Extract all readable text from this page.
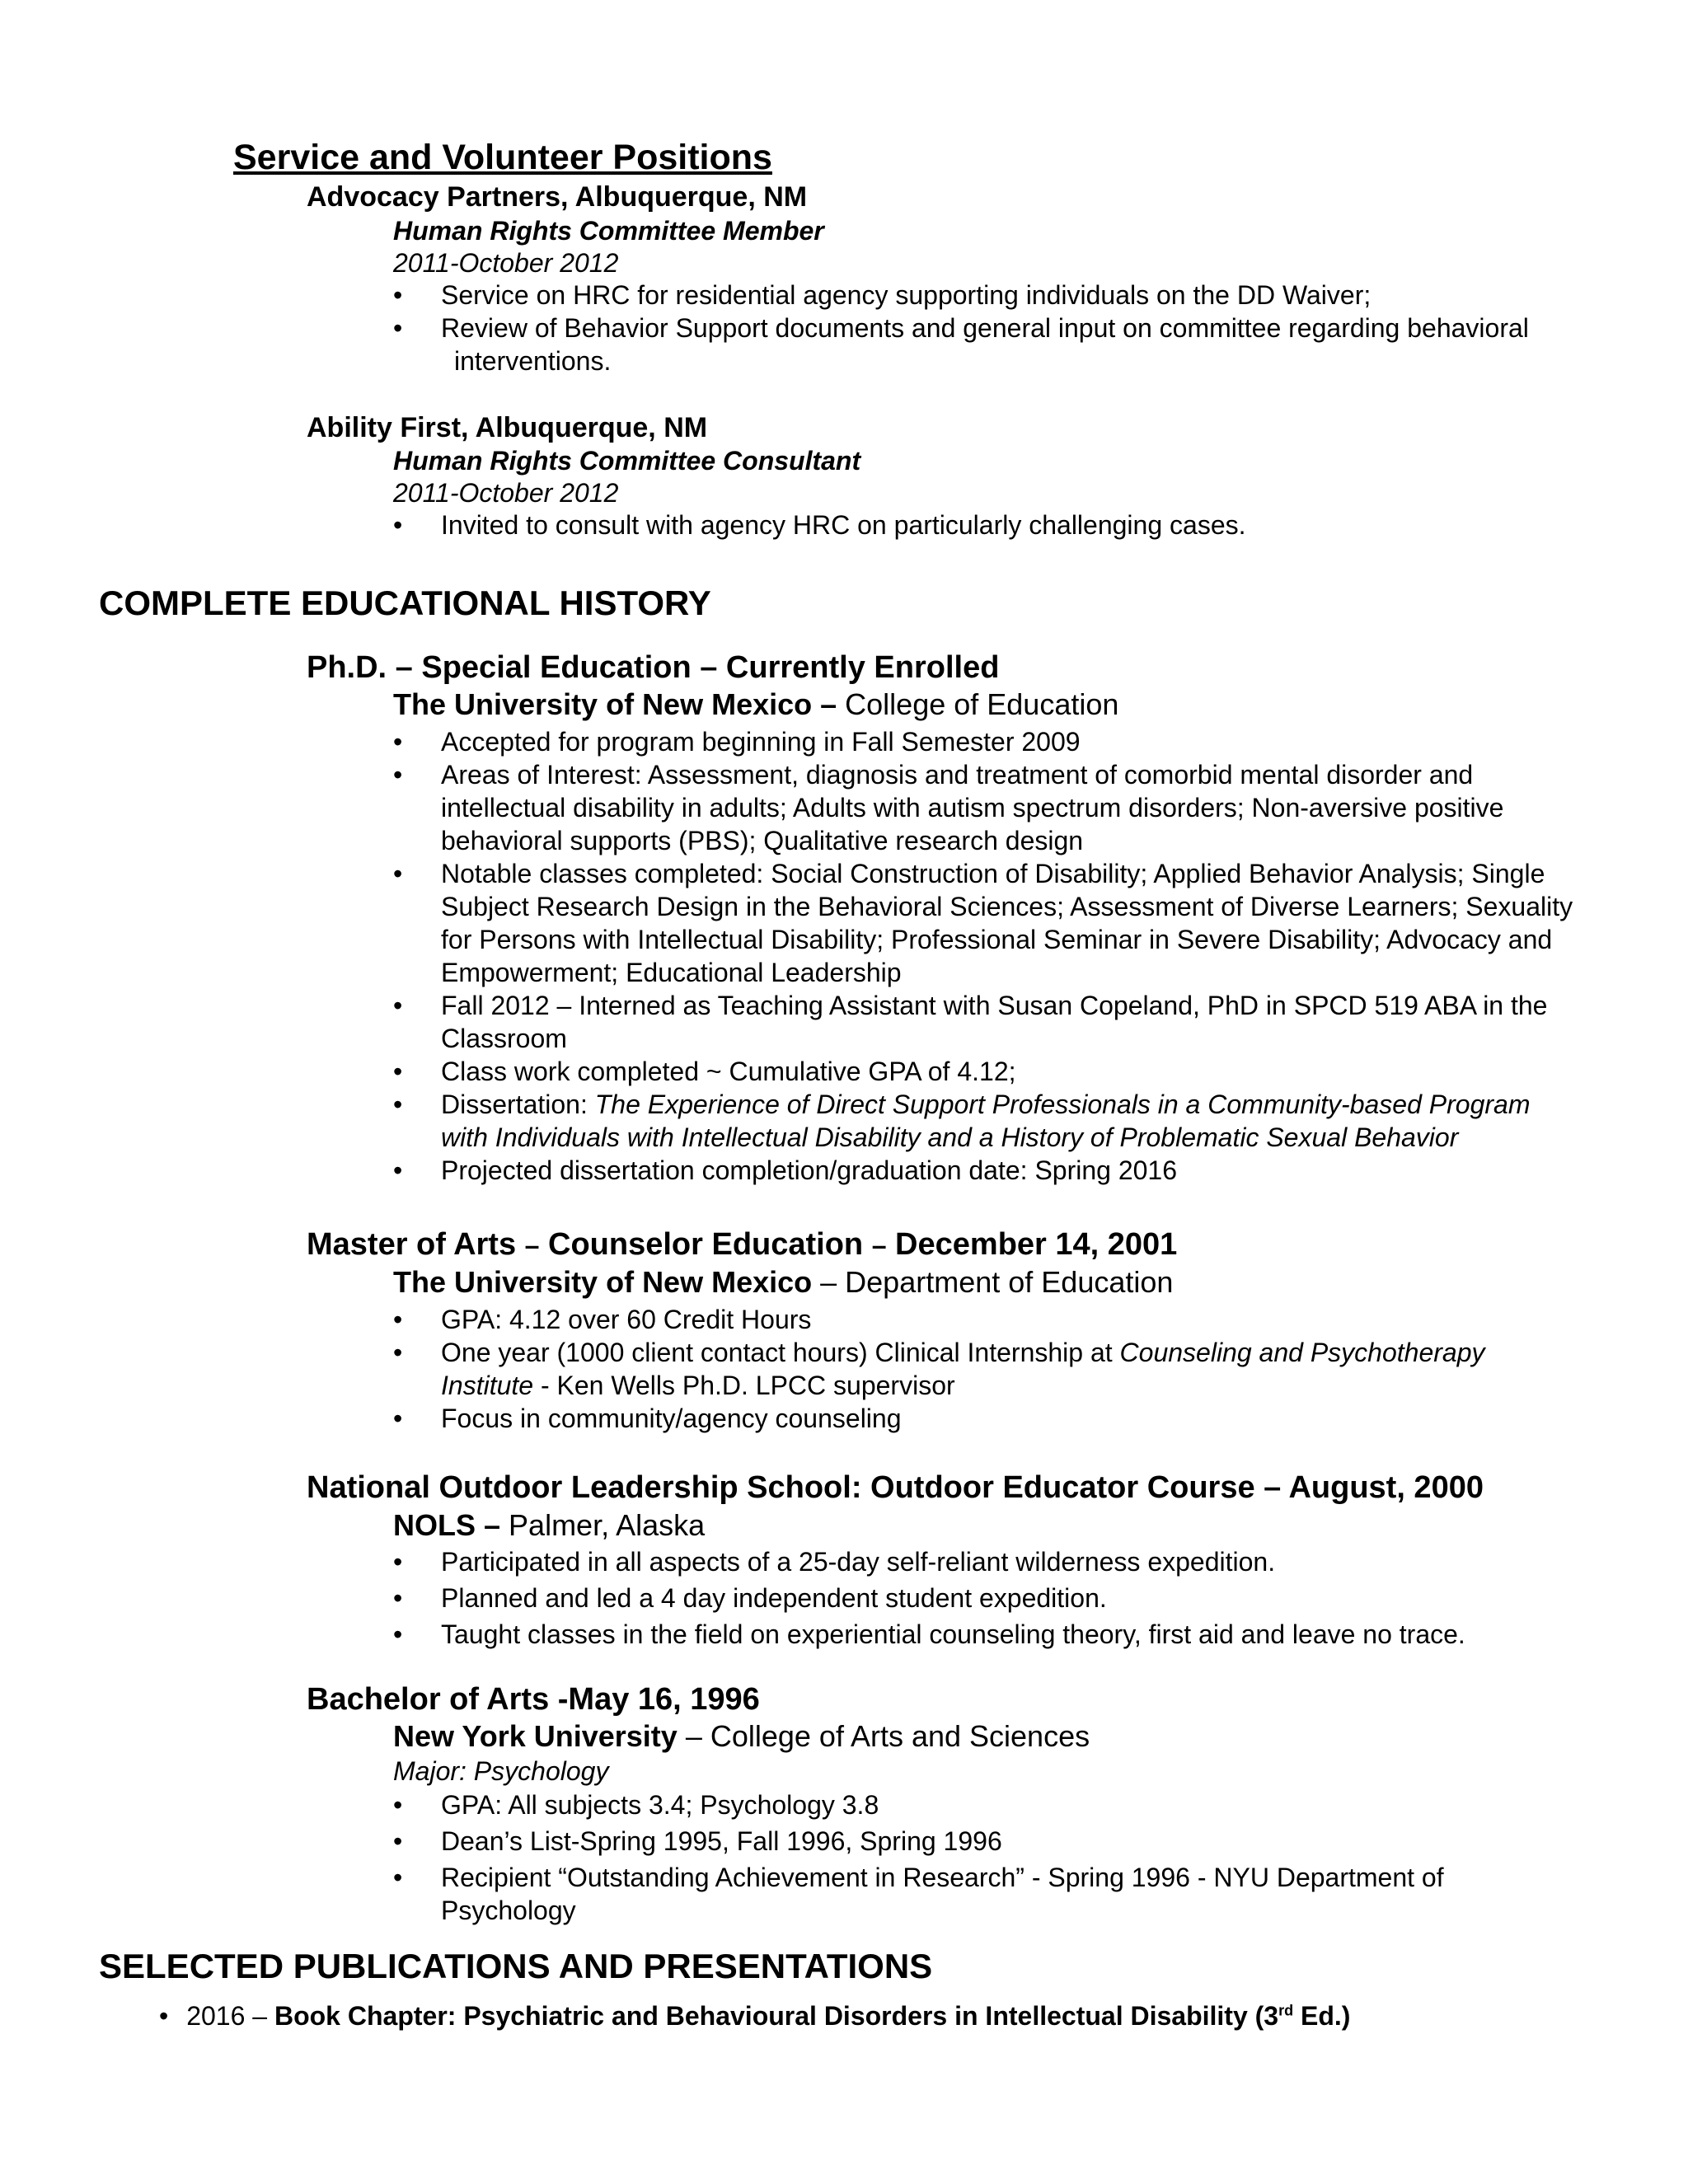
Service and Volunteer Positions
Advocacy Partners, Albuquerque, NM
Human Rights Committee Member
2011-October 2012
• Service on HRC for residential agency supporting individuals on the DD Waiver;
• Review of Behavior Support documents and general input on committee regarding behavioral
interventions.
Ability First, Albuquerque, NM
Human Rights Committee Consultant
2011-October 2012
• Invited to consult with agency HRC on particularly challenging cases.
COMPLETE EDUCATIONAL HISTORY
Ph.D. – Special Education – Currently Enrolled
The University of New Mexico – College of Education
• Accepted for program beginning in Fall Semester 2009
• Areas of Interest: Assessment, diagnosis and treatment of comorbid mental disorder and intellectual disability in adults; Adults with autism spectrum disorders; Non-aversive positive behavioral supports (PBS); Qualitative research design
• Notable classes completed: Social Construction of Disability; Applied Behavior Analysis; Single Subject Research Design in the Behavioral Sciences; Assessment of Diverse Learners; Sexuality for Persons with Intellectual Disability; Professional Seminar in Severe Disability; Advocacy and Empowerment; Educational Leadership
• Fall 2012 – Interned as Teaching Assistant with Susan Copeland, PhD in SPCD 519 ABA in the Classroom
• Class work completed ~ Cumulative GPA of 4.12;
• Dissertation: The Experience of Direct Support Professionals in a Community-based Program with Individuals with Intellectual Disability and a History of Problematic Sexual Behavior
• Projected dissertation completion/graduation date: Spring 2016
Master of Arts – Counselor Education – December 14, 2001
The University of New Mexico – Department of Education
• GPA: 4.12 over 60 Credit Hours
• One year (1000 client contact hours) Clinical Internship at Counseling and Psychotherapy Institute - Ken Wells Ph.D. LPCC supervisor
• Focus in community/agency counseling
National Outdoor Leadership School: Outdoor Educator Course – August, 2000
NOLS – Palmer, Alaska
• Participated in all aspects of a 25-day self-reliant wilderness expedition.
• Planned and led a 4 day independent student expedition.
• Taught classes in the field on experiential counseling theory, first aid and leave no trace.
Bachelor of Arts -May 16, 1996
New York University – College of Arts and Sciences
Major: Psychology
• GPA: All subjects 3.4; Psychology 3.8
• Dean’s List-Spring 1995, Fall 1996, Spring 1996
• Recipient “Outstanding Achievement in Research” - Spring 1996 - NYU Department of Psychology
SELECTED PUBLICATIONS AND PRESENTATIONS
• 2016 – Book Chapter: Psychiatric and Behavioural Disorders in Intellectual Disability (3rd Ed.)
